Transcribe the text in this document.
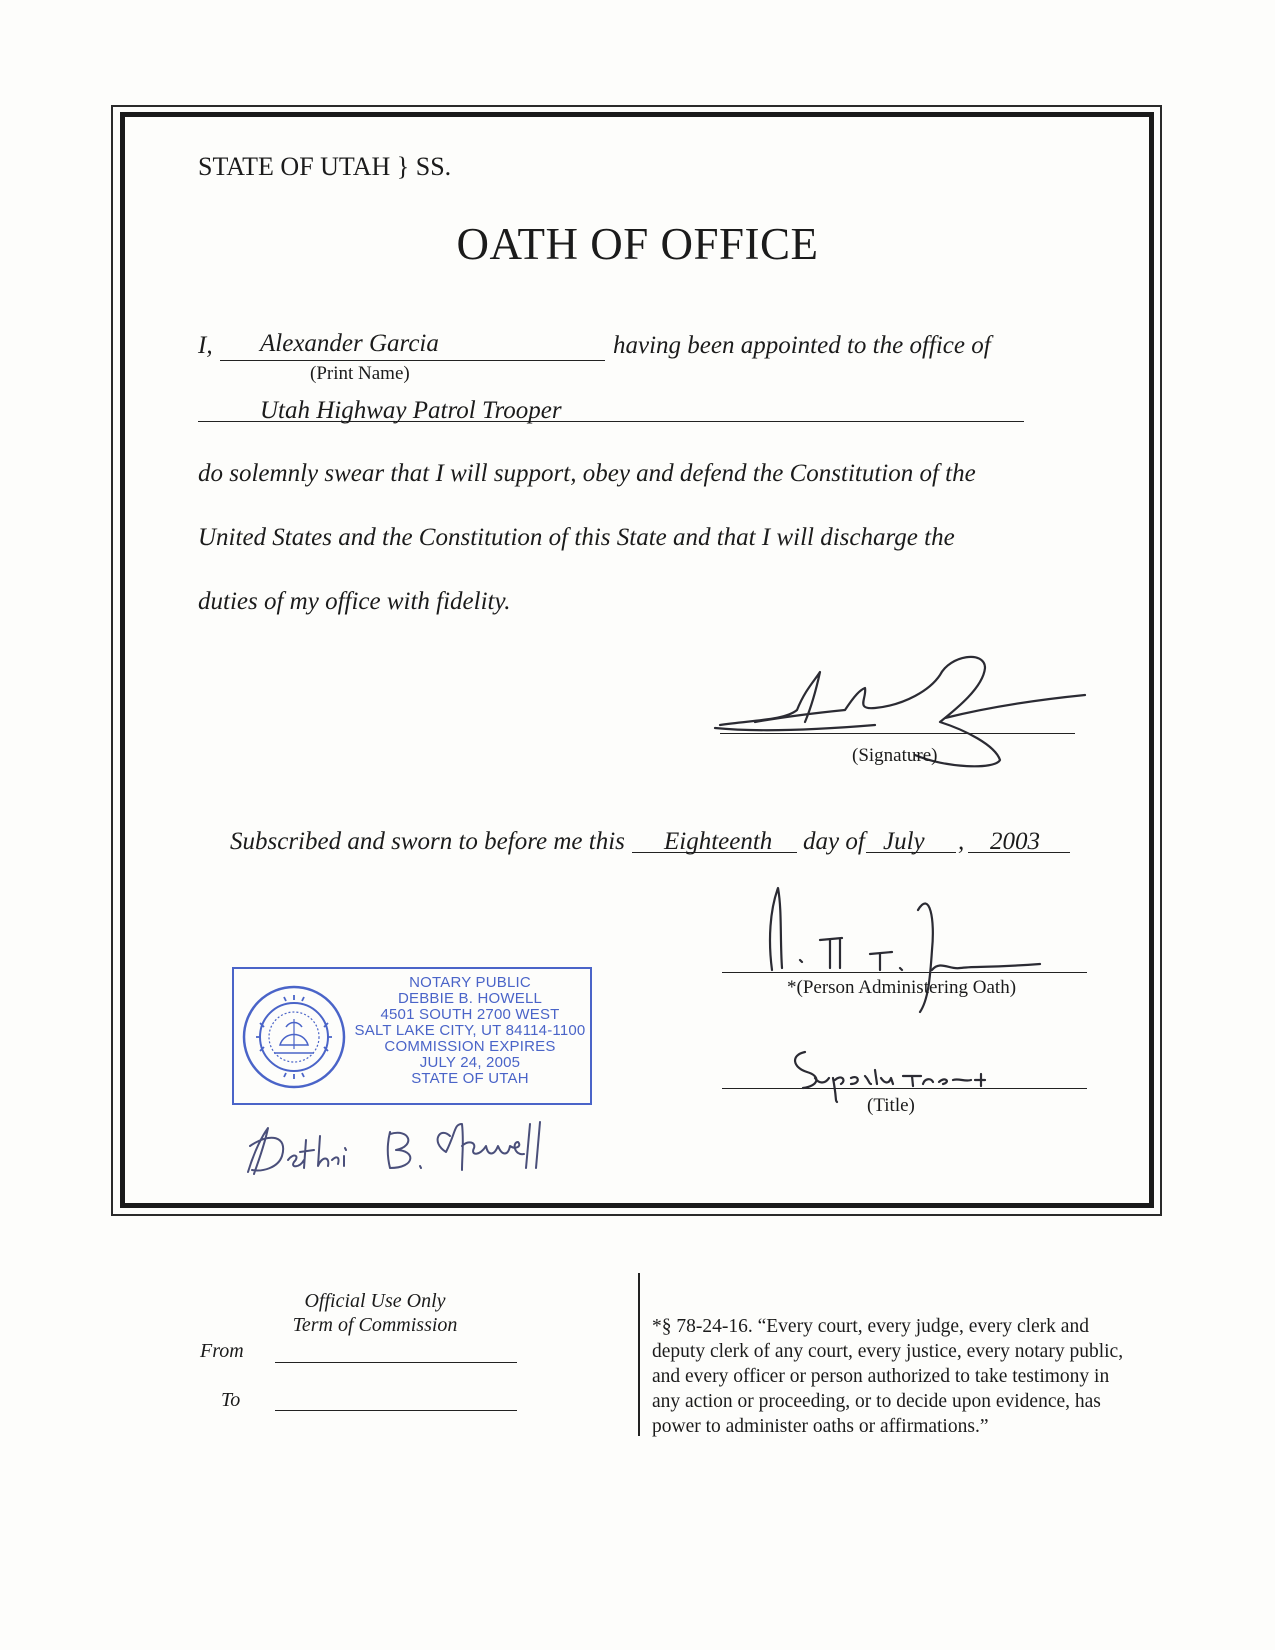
STATE OF UTAH } SS.
OATH OF OFFICE
I, Alexander Garcia	having been appointed to the office of
(Print Name)
Utah Highway Patrol Trooper
do solemnly swear that I will support, obey and defend the Constitution of the
United States and the Constitution of this State and that I will discharge the
duties of my office with fidelity.
(Signature)
Subscribed and sworn to before me this Eighteenth day of July , 2003
*(Person Administering Oath)
(Title)
NOTARY PUBLIC
DEBBIE B. HOWELL
4501 SOUTH 2700 WEST
SALT LAKE CITY, UT 84114-1100
COMMISSION EXPIRES
JULY 24, 2005
STATE OF UTAH
Official Use Only
Term of Commission
From
To
*§ 78-24-16. “Every court, every judge, every clerk and deputy clerk of any court, every justice, every notary public, and every officer or person authorized to take testimony in any action or proceeding, or to decide upon evidence, has power to administer oaths or affirmations.”
